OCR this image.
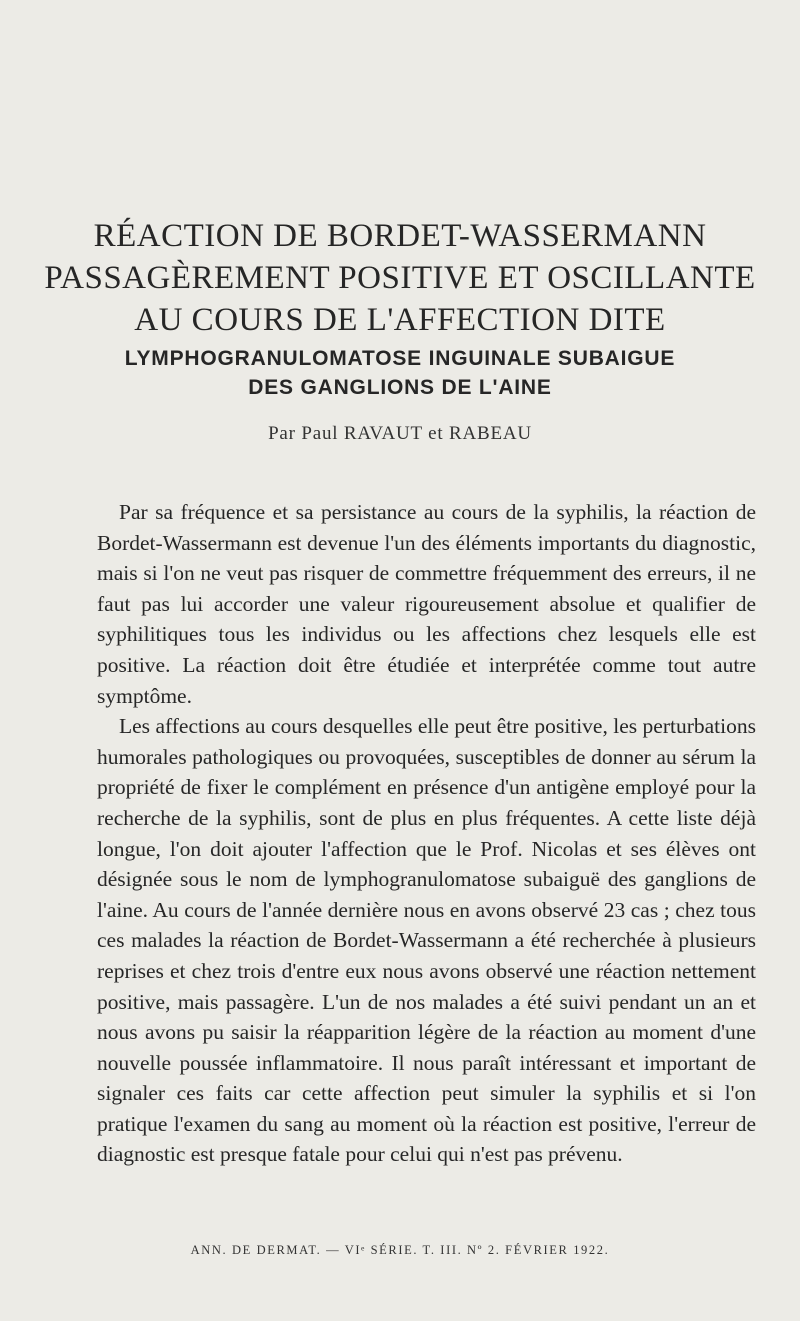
RÉACTION DE BORDET-WASSERMANN
PASSAGÈREMENT POSITIVE ET OSCILLANTE
AU COURS DE L'AFFECTION DITE
LYMPHOGRANULOMATOSE INGUINALE SUBAIGUE
DES GANGLIONS DE L'AINE
Par Paul RAVAUT et RABEAU

Par sa fréquence et sa persistance au cours de la syphilis, la réaction de Bordet-Wassermann est devenue l'un des éléments importants du diagnostic, mais si l'on ne veut pas risquer de commettre fréquemment des erreurs, il ne faut pas lui accorder une valeur rigoureusement absolue et qualifier de syphilitiques tous les individus ou les affections chez lesquels elle est positive. La réaction doit être étudiée et interprétée comme tout autre symptôme.

Les affections au cours desquelles elle peut être positive, les perturbations humorales pathologiques ou provoquées, susceptibles de donner au sérum la propriété de fixer le complément en présence d'un antigène employé pour la recherche de la syphilis, sont de plus en plus fréquentes. A cette liste déjà longue, l'on doit ajouter l'affection que le Prof. Nicolas et ses élèves ont désignée sous le nom de lymphogranulomatose subaiguë des ganglions de l'aine. Au cours de l'année dernière nous en avons observé 23 cas ; chez tous ces malades la réaction de Bordet-Wassermann a été recherchée à plusieurs reprises et chez trois d'entre eux nous avons observé une réaction nettement positive, mais passagère. L'un de nos malades a été suivi pendant un an et nous avons pu saisir la réapparition légère de la réaction au moment d'une nouvelle poussée inflammatoire. Il nous paraît intéressant et important de signaler ces faits car cette affection peut simuler la syphilis et si l'on pratique l'examen du sang au moment où la réaction est positive, l'erreur de diagnostic est presque fatale pour celui qui n'est pas prévenu.

ANN. DE DERMAT. — VIᵉ SÉRIE. T. III. Nº 2. FÉVRIER 1922.
